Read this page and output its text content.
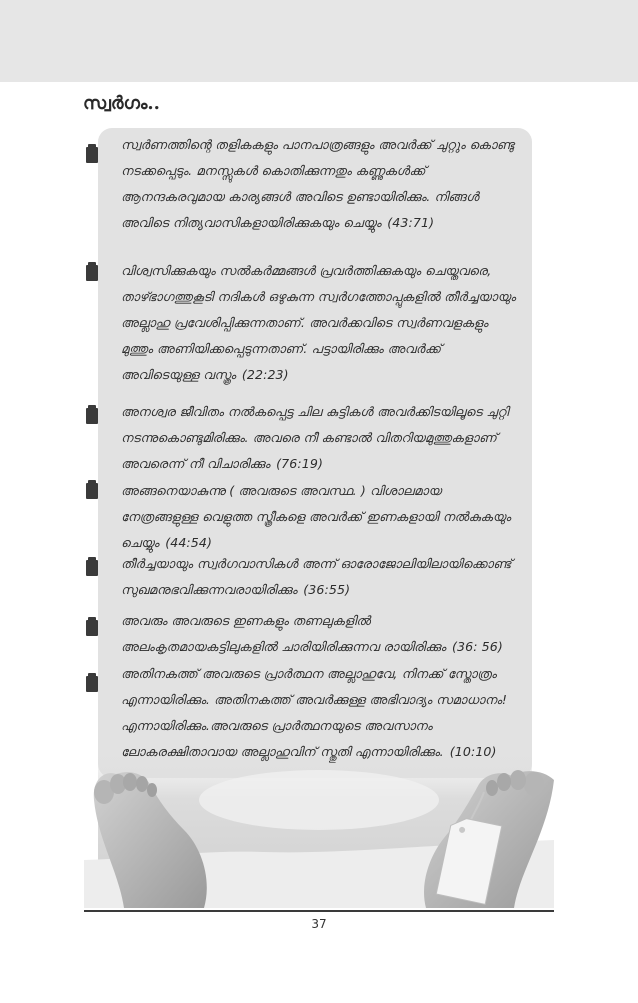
സ്വർഗം..
സ്വർണത്തിന്റെ തളികകളും പാനപാത്രങ്ങളും അവർക്ക് ചുറ്റും കൊണ്ടു നടക്കപ്പെടും. മനസ്സുകൾ കൊതിക്കുന്നതും കണ്ണുകൾക്ക് ആനന്ദകരവുമായ കാര്യങ്ങൾ അവിടെ ഉണ്ടായിരിക്കും. നിങ്ങൾ അവിടെ നിത്യവാസികളായിരിക്കുകയും ചെയ്യും (43:71)
വിശ്വസിക്കുകയും സൽകർമ്മങ്ങൾ പ്രവർത്തിക്കുകയും ചെയ്തവരെ, താഴ്ഭാഗത്തുകൂടി നദികൾ ഒഴുകുന്ന സ്വർഗത്തോപ്പുകളിൽ തീർച്ചയായും അല്ലാഹു പ്രവേശിപ്പിക്കുന്നതാണ്. അവർക്കവിടെ സ്വർണവളകളും മുത്തും അണിയിക്കപ്പെടുന്നതാണ്. പട്ടായിരിക്കും അവർക്ക് അവിടെയുള്ള വസ്ത്രം (22:23)
അനശ്വര ജീവിതം നൽകപ്പെട്ട ചില കുട്ടികൾ അവർക്കിടയിലൂടെ ചുറ്റി നടന്നുകൊണ്ടുമിരിക്കും. അവരെ നീ കണ്ടാൽ വിതറിയമുത്തുകളാണ് അവരെന്ന് നീ വിചാരിക്കും (76:19)
അങ്ങനെയാകുന്നു ( അവരുടെ അവസ്ഥ. ) വിശാലമായ നേത്രങ്ങളുള്ള വെളുത്ത സ്ത്രീകളെ അവർക്ക് ഇണകളായി നൽകുകയും ചെയ്യും (44:54)
തീർച്ചയായും സ്വർഗവാസികൾ അന്ന് ഓരോജോലിയിലായിക്കൊണ്ട് സുഖമനുഭവിക്കുന്നവരായിരിക്കും (36:55)
അവരും അവരുടെ ഇണകളും തണലുകളിൽ അലംകൃതമായകട്ടിലുകളിൽ ചാരിയിരിക്കുന്നവ രായിരിക്കും (36: 56)
അതിനകത്ത് അവരുടെ പ്രാർത്ഥന അല്ലാഹുവേ, നിനക്ക് സ്തോത്രം എന്നായിരിക്കും. അതിനകത്ത് അവർക്കുള്ള അഭിവാദ്യം സമാധാനം! എന്നായിരിക്കും.അവരുടെ പ്രാർത്ഥനയുടെ അവസാനം ലോകരക്ഷിതാവായ അല്ലാഹുവിന് സ്തുതി എന്നായിരിക്കും. (10:10)
37
